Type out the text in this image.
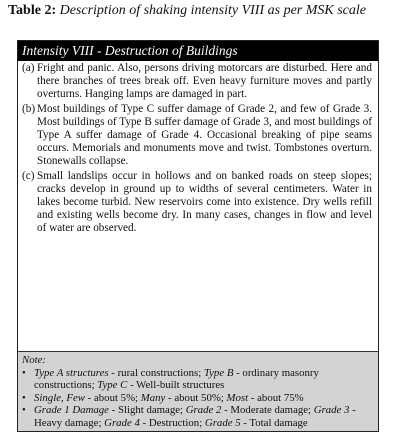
Table 2: Description of shaking intensity VIII as per MSK scale
Intensity VIII - Destruction of Buildings
(a) Fright and panic. Also, persons driving motorcars are disturbed. Here and there branches of trees break off. Even heavy furniture moves and partly overturns. Hanging lamps are damaged in part.
(b) Most buildings of Type C suffer damage of Grade 2, and few of Grade 3. Most buildings of Type B suffer damage of Grade 3, and most buildings of Type A suffer damage of Grade 4. Occasional breaking of pipe seams occurs. Memorials and monuments move and twist. Tombstones overturn. Stonewalls collapse.
(c) Small landslips occur in hollows and on banked roads on steep slopes; cracks develop in ground up to widths of several centimeters. Water in lakes become turbid. New reservoirs come into existence. Dry wells refill and existing wells become dry. In many cases, changes in flow and level of water are observed.
Note:
• Type A structures - rural constructions; Type B - ordinary masonry constructions; Type C - Well-built structures
• Single, Few - about 5%; Many - about 50%; Most - about 75%
• Grade 1 Damage - Slight damage; Grade 2 - Moderate damage; Grade 3 - Heavy damage; Grade 4 - Destruction; Grade 5 - Total damage
